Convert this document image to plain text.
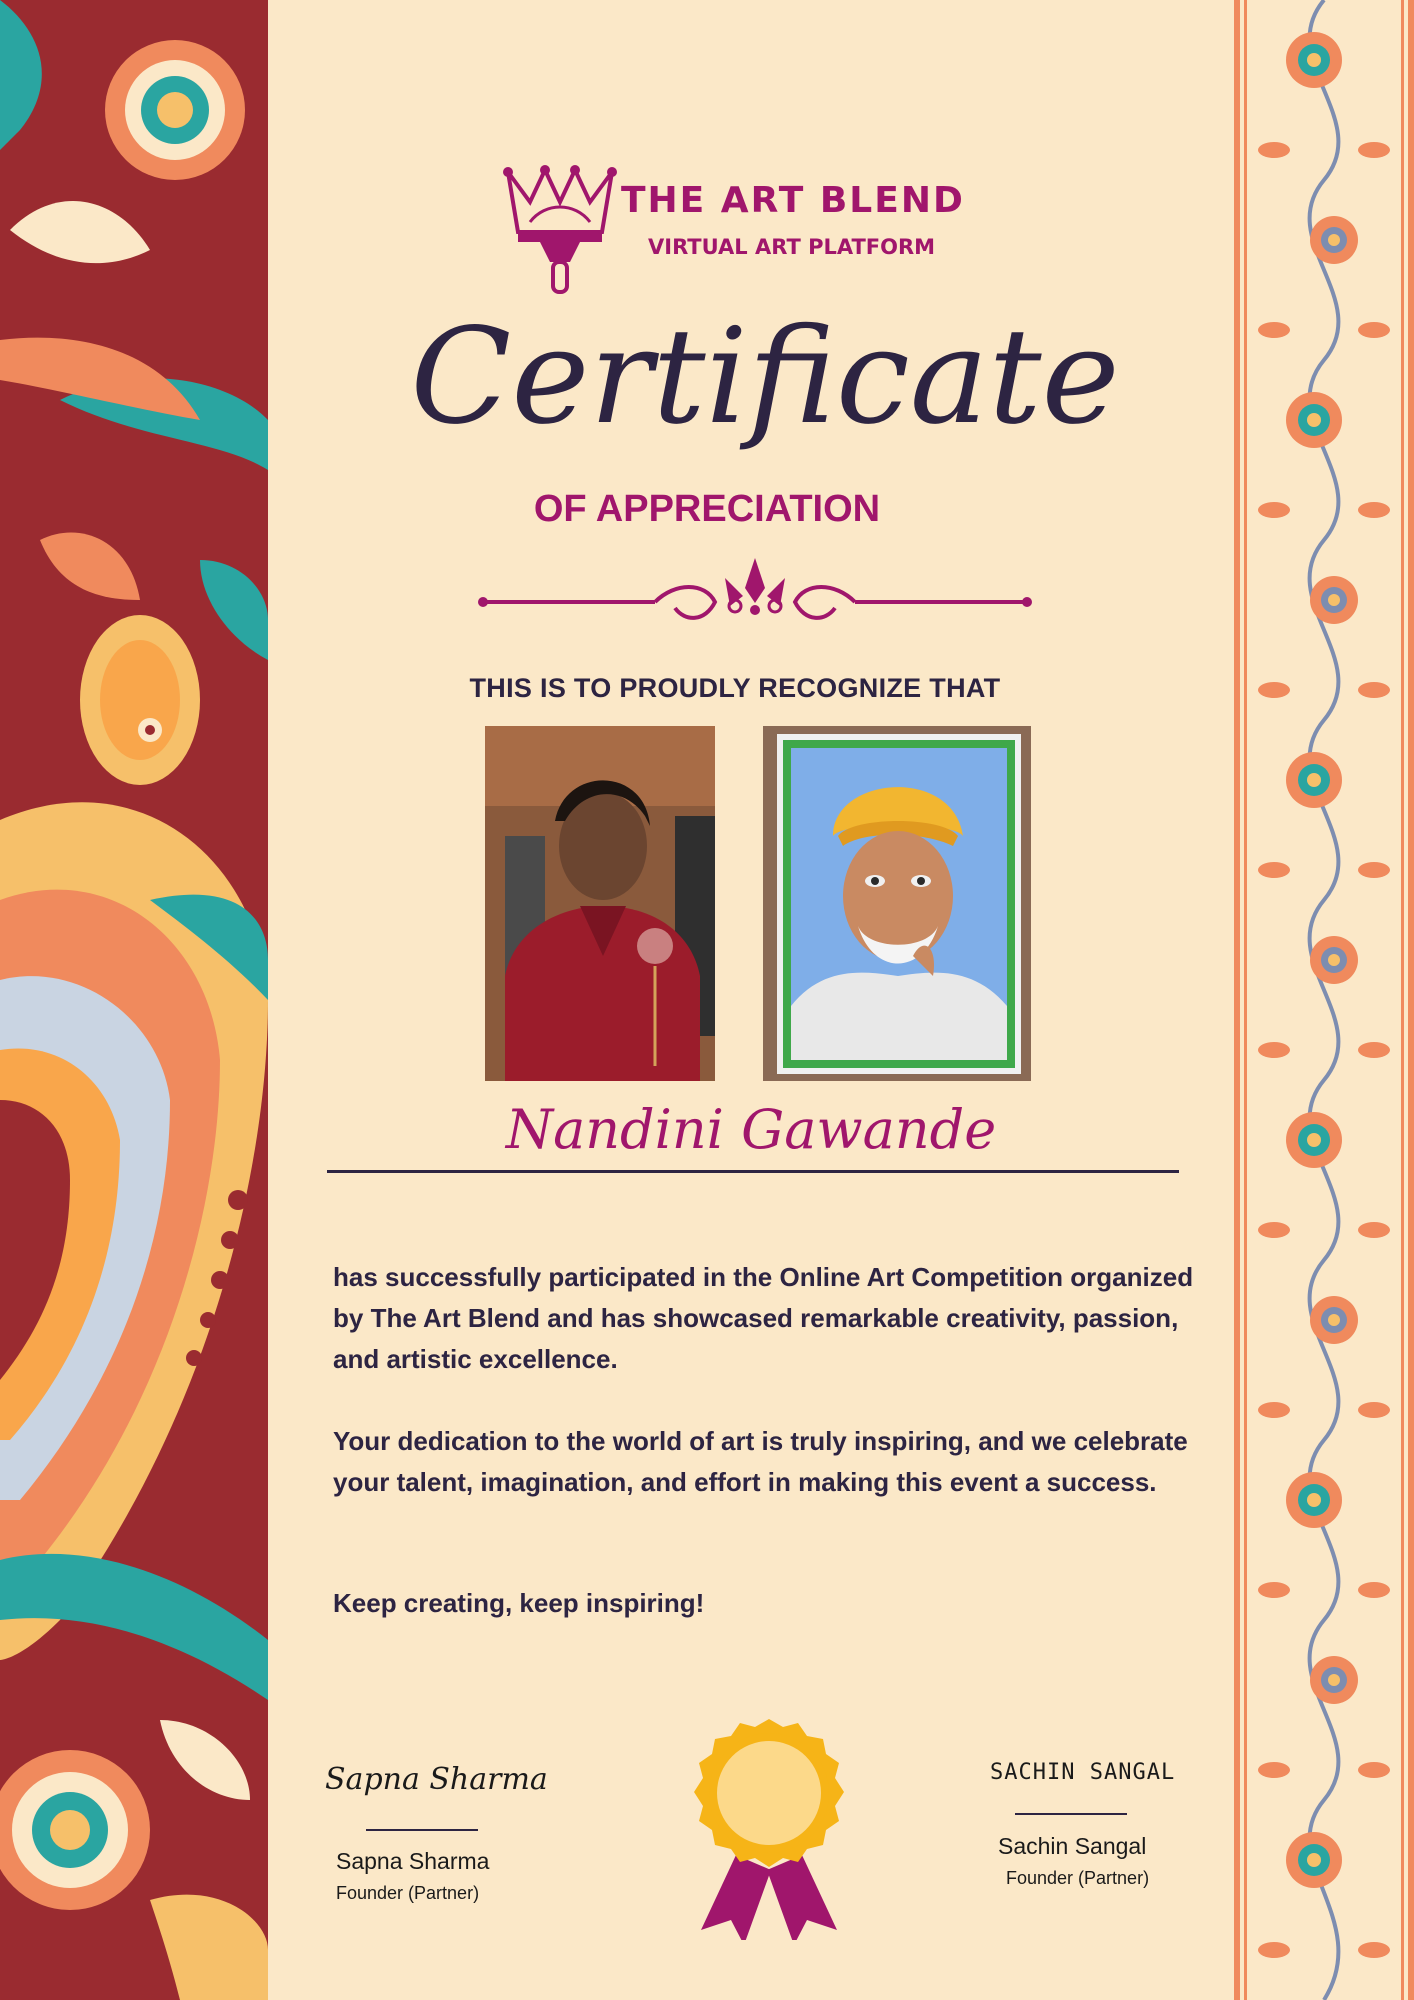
THE ART BLEND
VIRTUAL ART PLATFORM
Certificate
OF APPRECIATION
THIS IS TO PROUDLY RECOGNIZE THAT
Nandini Gawande

has successfully participated in the Online Art Competition organized by The Art Blend and has showcased remarkable creativity, passion, and artistic excellence.

Your dedication to the world of art is truly inspiring, and we celebrate your talent, imagination, and effort in making this event a success.

Keep creating, keep inspiring!

Sapna Sharma
Sapna Sharma
Founder (Partner)
SACHIN SANGAL
Sachin Sangal
Founder (Partner)
